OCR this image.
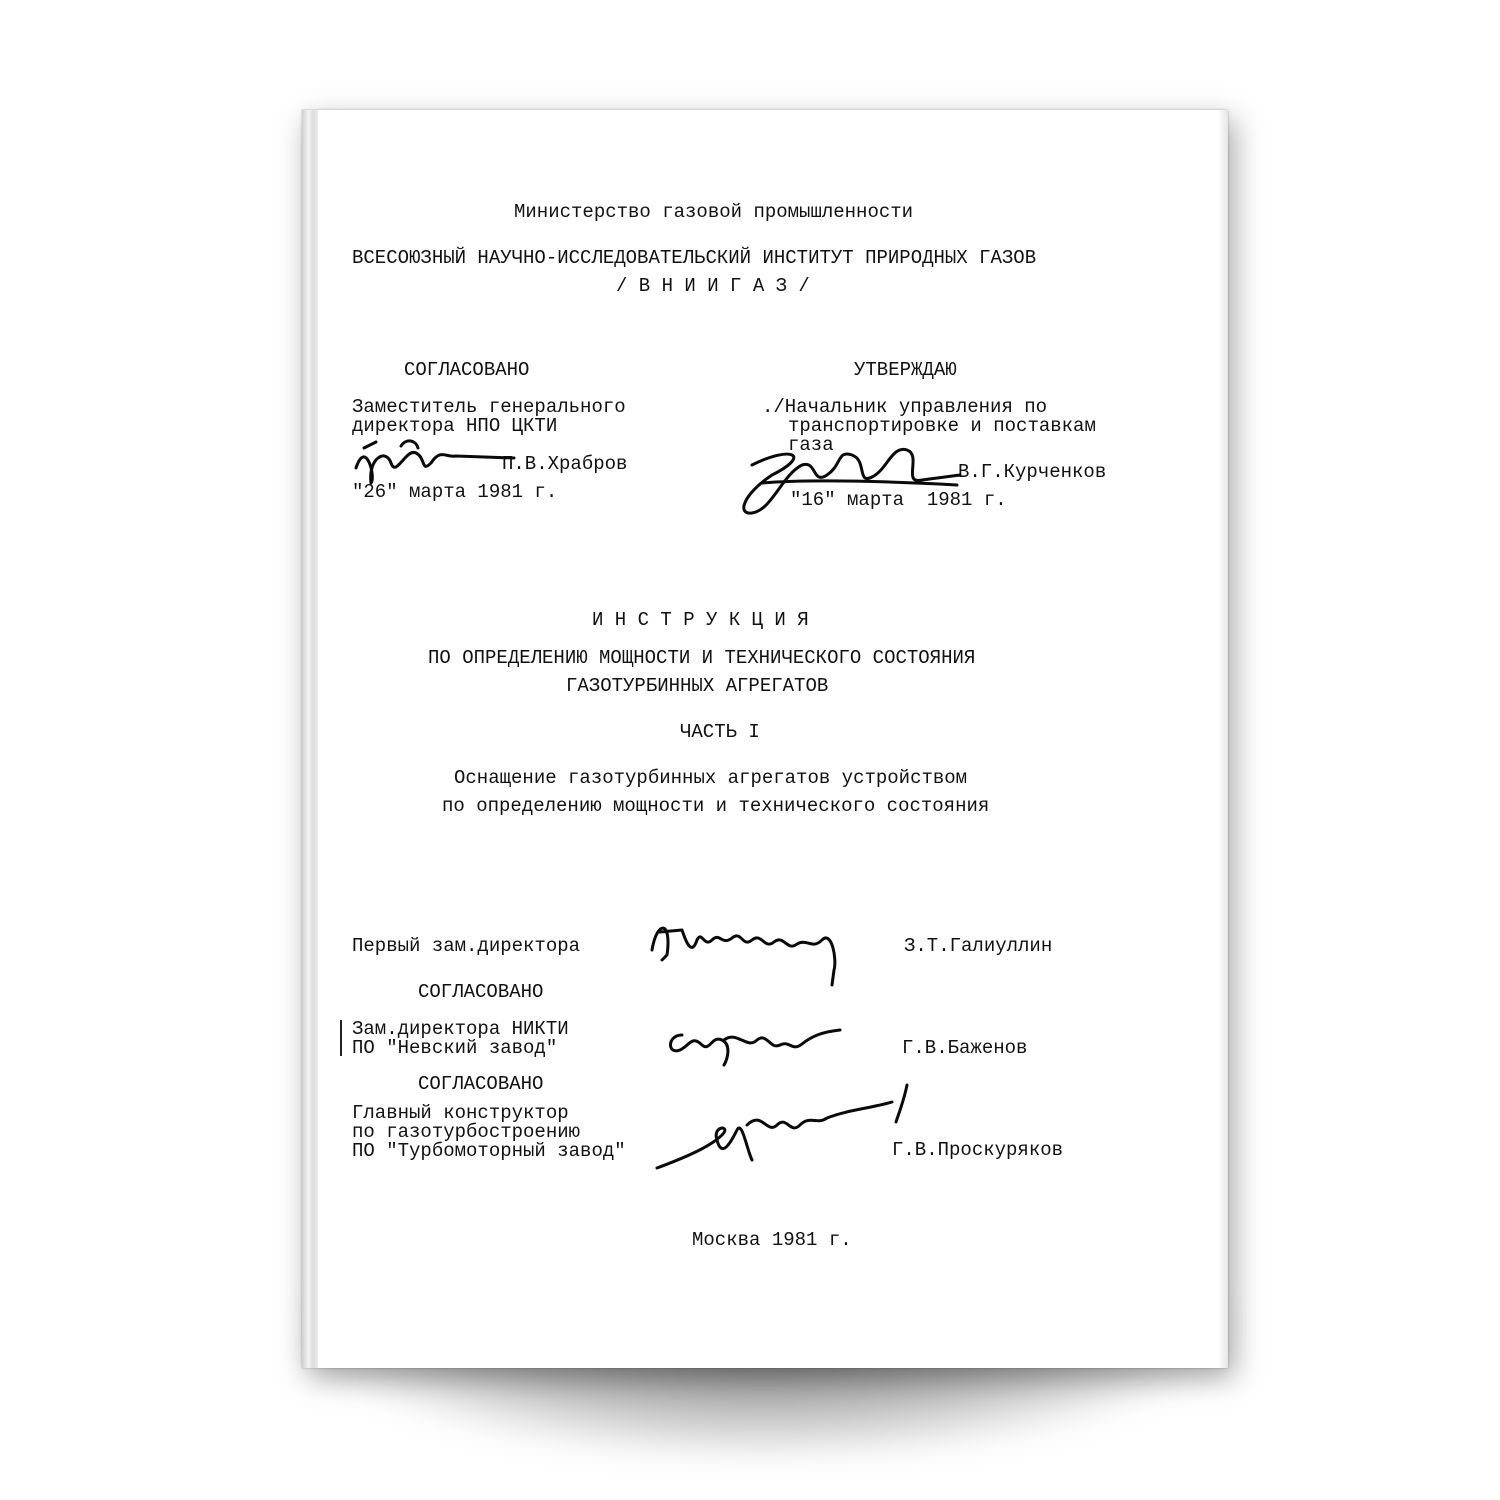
Министерство газовой промышленности
ВСЕСОЮЗНЫЙ НАУЧНО-ИССЛЕДОВАТЕЛЬСКИЙ ИНСТИТУТ ПРИРОДНЫХ ГАЗОВ
/ В Н И И Г А З /
СОГЛАСОВАНО
Заместитель генерального
директора НПО ЦКТИ
П.В.Храбров
"26" марта 1981 г.
УТВЕРЖДАЮ
./Начальник управления по
транспортировке и поставкам
газа
В.Г.Курченков
"16" марта  1981 г.
И Н С Т Р У К Ц И Я
ПО ОПРЕДЕЛЕНИЮ МОЩНОСТИ И ТЕХНИЧЕСКОГО СОСТОЯНИЯ
ГАЗОТУРБИННЫХ АГРЕГАТОВ
ЧАСТЬ I
Оснащение газотурбинных агрегатов устройством
по определению мощности и технического состояния
Первый зам.директора	З.Т.Галиуллин
СОГЛАСОВАНО
Зам.директора НИКТИ
ПО "Невский завод"	Г.В.Баженов
СОГЛАСОВАНО
Главный конструктор
по газотурбостроению
ПО "Турбомоторный завод"	Г.В.Проскуряков
Москва 1981 г.
